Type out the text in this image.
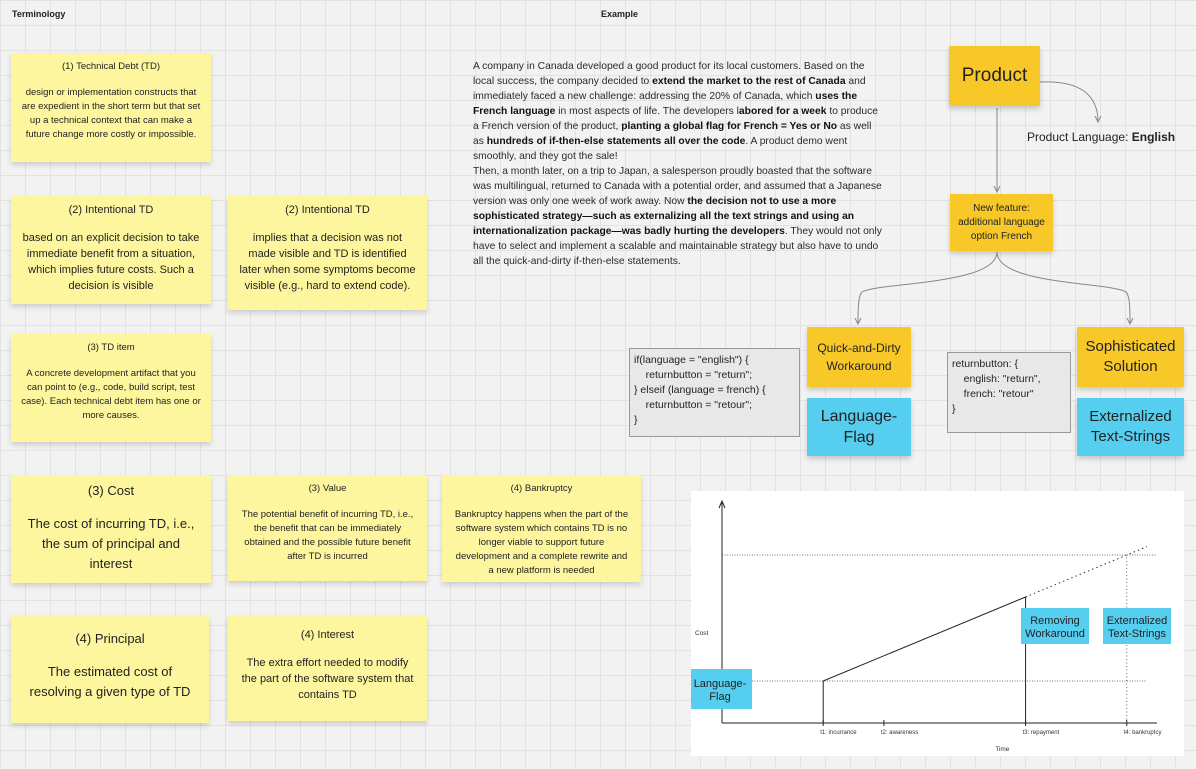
Terminology	Example
(1) Technical Debt (TD)
design or implementation constructs that are expedient in the short term but that set up a technical context that can make a future change more costly or impossible.
(2) Intentional TD
based on an explicit decision to take immediate benefit from a situation, which implies future costs. Such a decision is visible
(2) Intentional TD
implies that a decision was not made visible and TD is identified later when some symptoms become visible (e.g., hard to extend code).
(3) TD item
A concrete development artifact that you can point to (e.g., code, build script, test case). Each technical debt item has one or more causes.
(3) Cost
The cost of incurring TD, i.e., the sum of principal and interest
(3) Value
The potential benefit of incurring TD, i.e., the benefit that can be immediately obtained and the possible future benefit after TD is incurred
(4) Bankruptcy
Bankruptcy happens when the part of the software system which contains TD is no longer viable to support future development and a complete rewrite and a new platform is needed
(4) Principal
The estimated cost of resolving a given type of TD
(4) Interest
The extra effort needed to modify the part of the software system that contains TD
A company in Canada developed a good product for its local customers. Based on the local success, the company decided to extend the market to the rest of Canada and immediately faced a new challenge: addressing the 20% of Canada, which uses the French language in most aspects of life. The developers labored for a week to produce a French version of the product, planting a global flag for French = Yes or No as well as hundreds of if-then-else statements all over the code. A product demo went smoothly, and they got the sale!
Then, a month later, on a trip to Japan, a salesperson proudly boasted that the software was multilingual, returned to Canada with a potential order, and assumed that a Japanese version was only one week of work away. Now the decision not to use a more sophisticated strategy—such as externalizing all the text strings and using an internationalization package—was badly hurting the developers. They would not only have to select and implement a scalable and maintainable strategy but also have to undo all the quick-and-dirty if-then-else statements.
Product
Product Language: English
New feature: additional language option French
Quick-and-Dirty Workaround
Sophisticated Solution
Language-Flag
Externalized Text-Strings
if(language = "english") {
returnbutton = "return";
} elseif (language = french) {
returnbutton = "retour";
}
returnbutton: {
english: "return",
french: "retour"
}
Cost
Time
t1: incurrance	t2: awareness	t3: repayment	t4: bankruptcy
Language-
Flag
Removing
Workaround
Externalized
Text-Strings
